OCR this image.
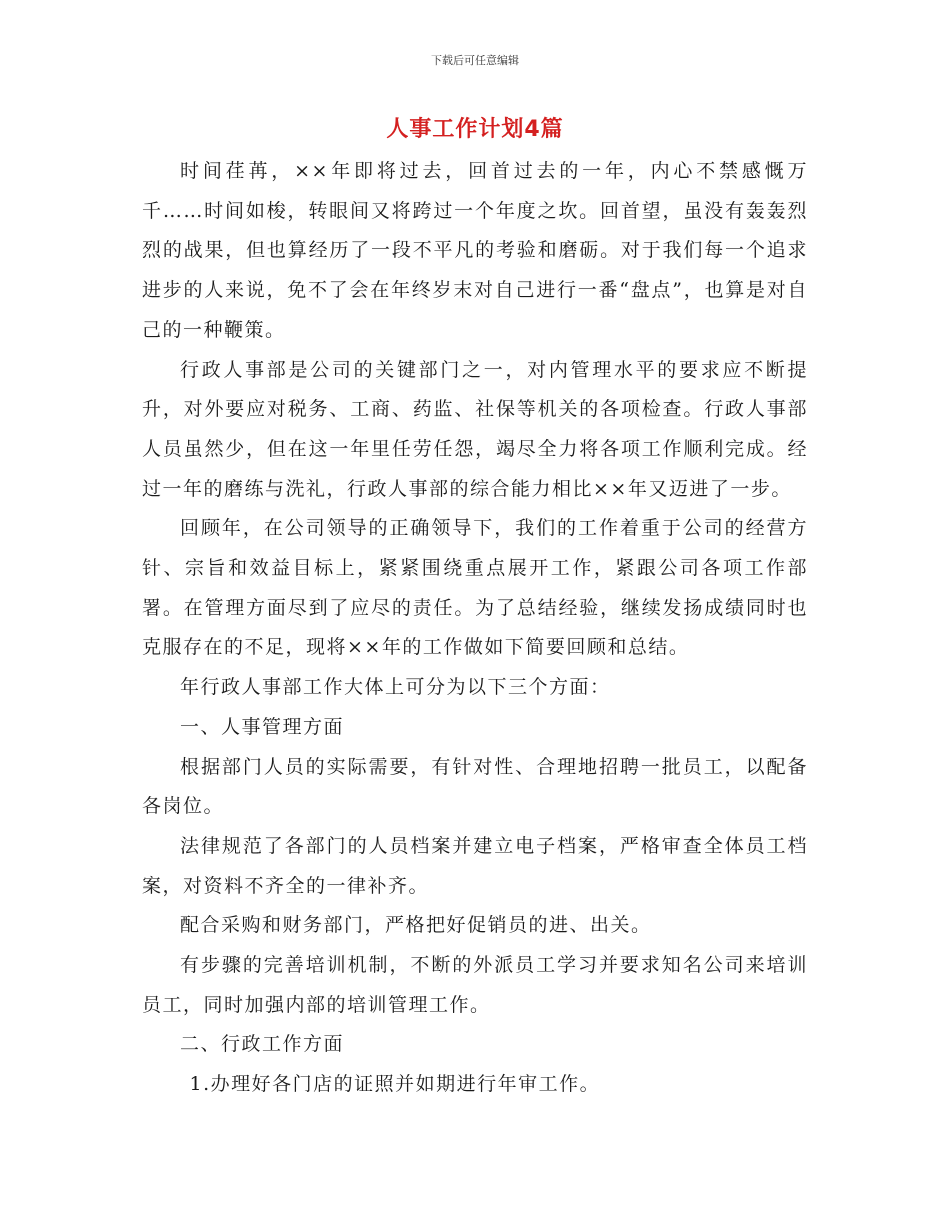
下载后可任意编辑
人事工作计划4篇

时间荏苒，××年即将过去，回首过去的一年，内心不禁感慨万千……时间如梭，转眼间又将跨过一个年度之坎。回首望，虽没有轰轰烈烈的战果，但也算经历了一段不平凡的考验和磨砺。对于我们每一个追求进步的人来说，免不了会在年终岁末对自己进行一番“盘点”，也算是对自己的一种鞭策。

行政人事部是公司的关键部门之一，对内管理水平的要求应不断提升，对外要应对税务、工商、药监、社保等机关的各项检查。行政人事部人员虽然少，但在这一年里任劳任怨，竭尽全力将各项工作顺利完成。经过一年的磨练与洗礼，行政人事部的综合能力相比××年又迈进了一步。

回顾年，在公司领导的正确领导下，我们的工作着重于公司的经营方针、宗旨和效益目标上，紧紧围绕重点展开工作，紧跟公司各项工作部署。在管理方面尽到了应尽的责任。为了总结经验，继续发扬成绩同时也克服存在的不足，现将××年的工作做如下简要回顾和总结。

年行政人事部工作大体上可分为以下三个方面：

一、人事管理方面

根据部门人员的实际需要，有针对性、合理地招聘一批员工，以配备各岗位。

法律规范了各部门的人员档案并建立电子档案，严格审查全体员工档案，对资料不齐全的一律补齐。

配合采购和财务部门，严格把好促销员的进、出关。

有步骤的完善培训机制，不断的外派员工学习并要求知名公司来培训员工，同时加强内部的培训管理工作。

二、行政工作方面

1.办理好各门店的证照并如期进行年审工作。
